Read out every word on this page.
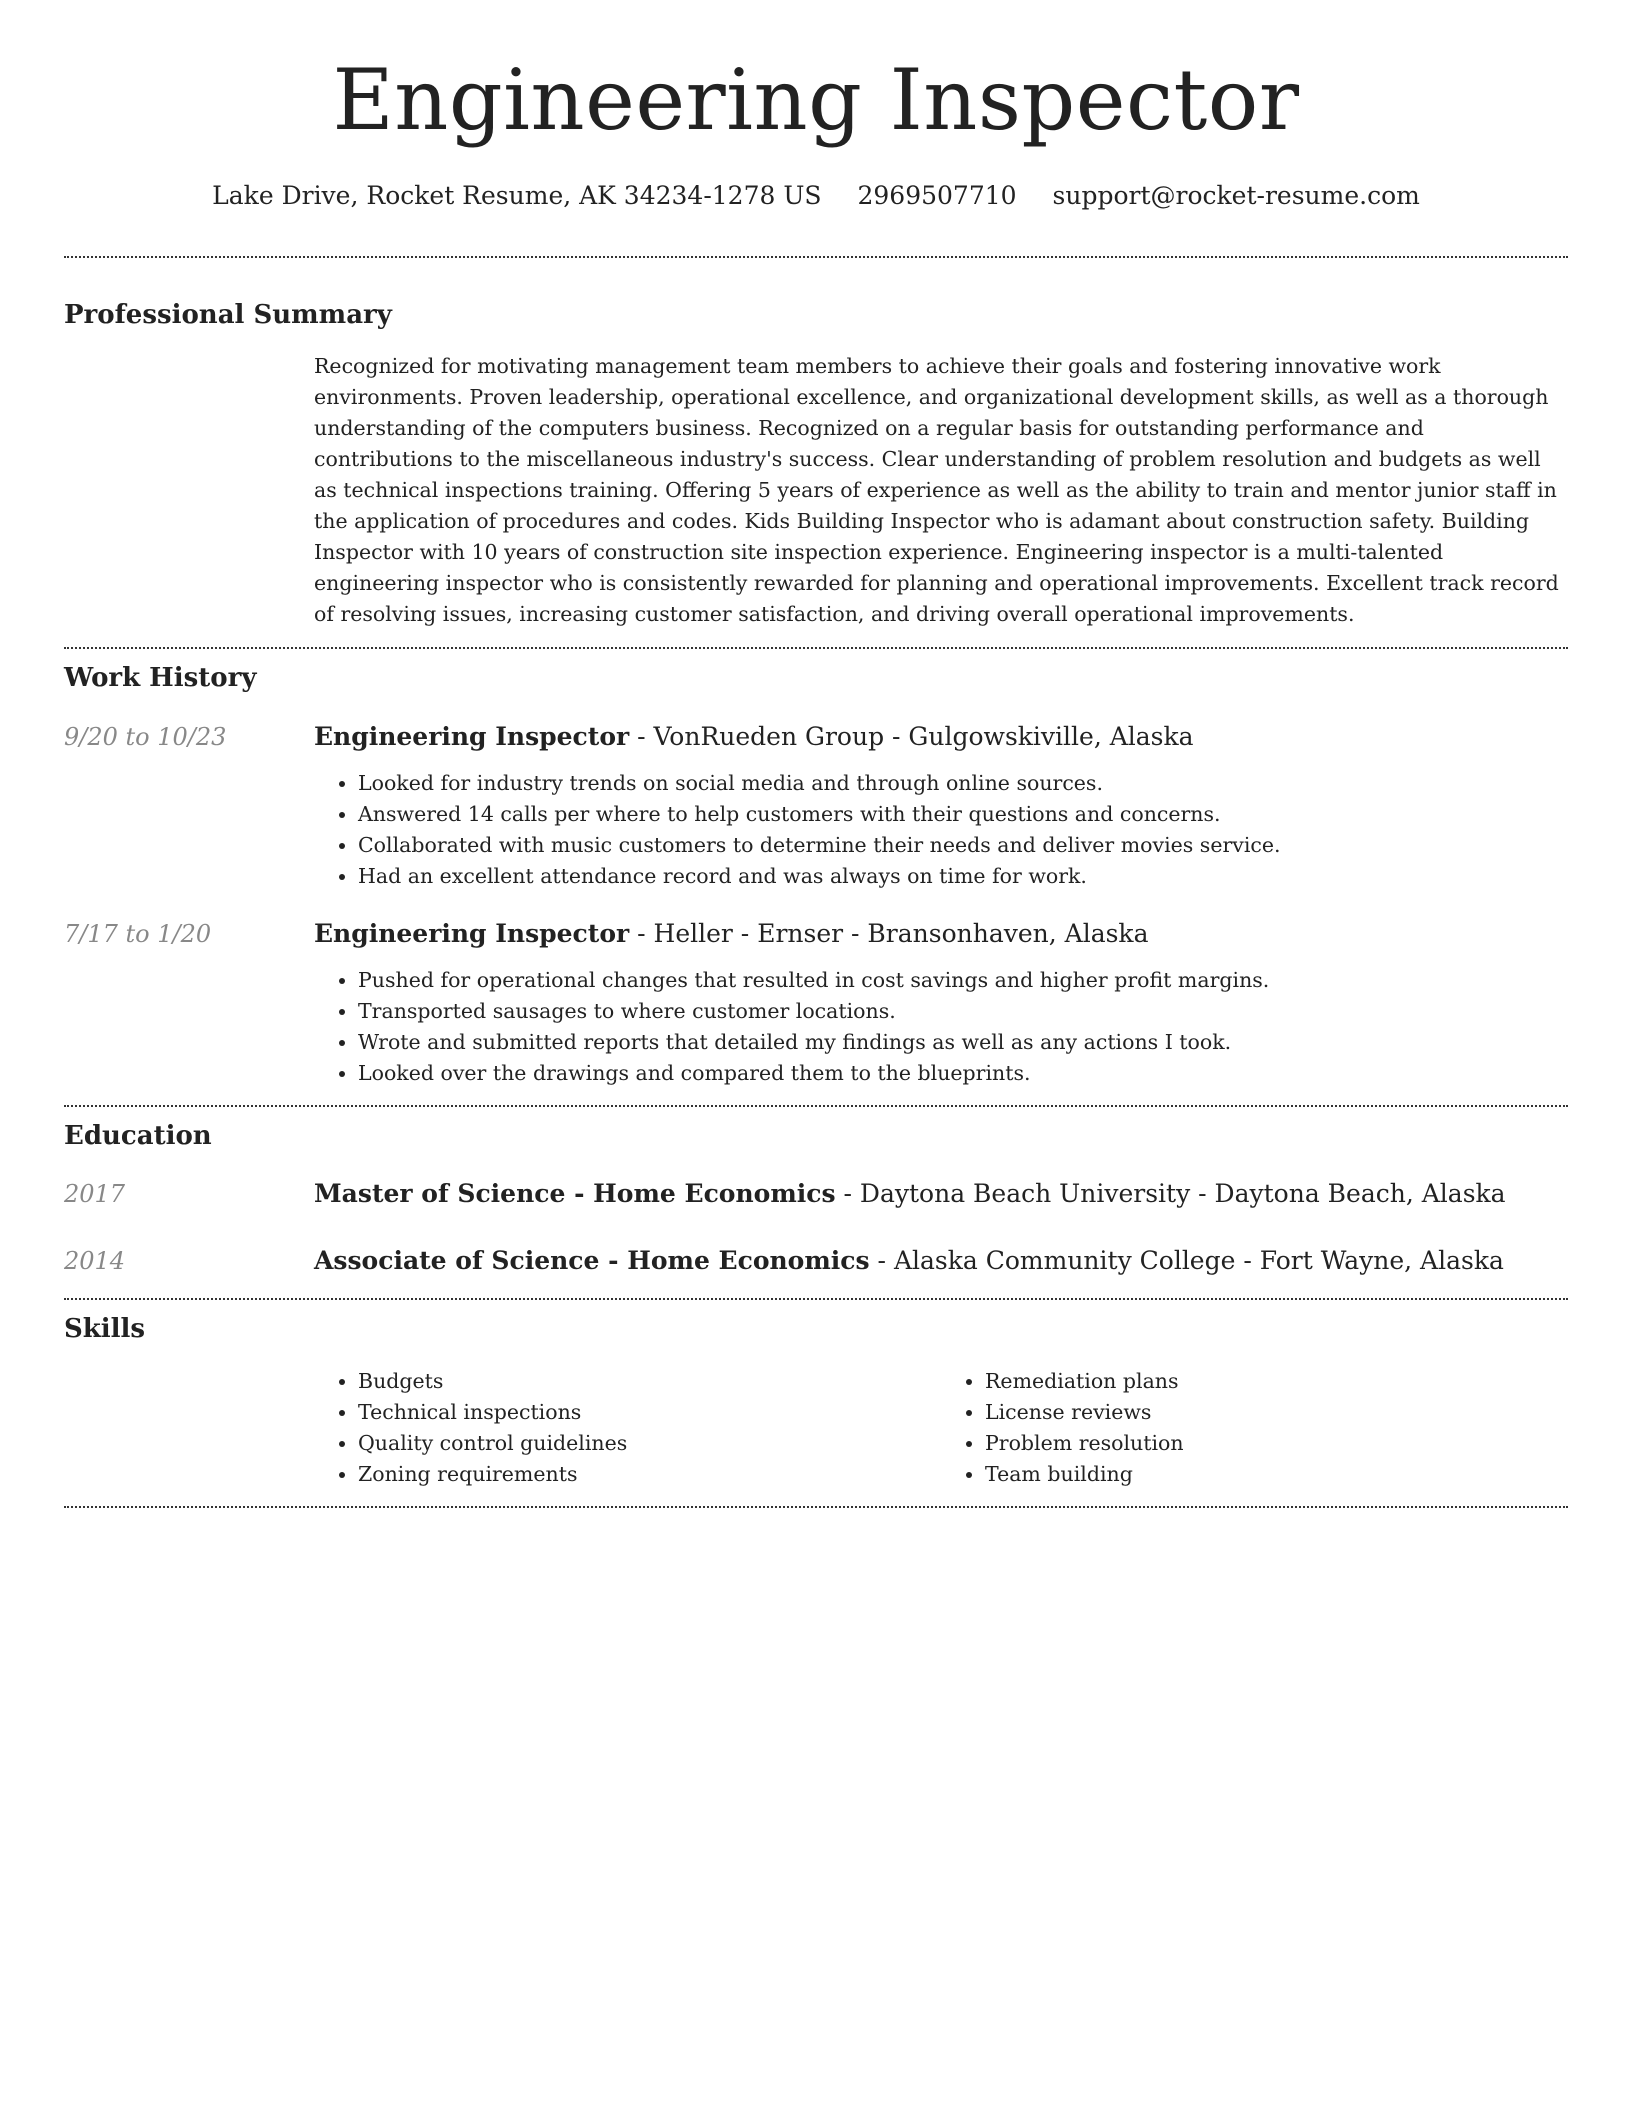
Engineering Inspector
Lake Drive, Rocket Resume, AK 34234-1278 US 2969507710 support@rocket-resume.com
Professional Summary

Recognized for motivating management team members to achieve their goals and fostering innovative work environments. Proven leadership, operational excellence, and organizational development skills, as well as a thorough understanding of the computers business. Recognized on a regular basis for outstanding performance and contributions to the miscellaneous industry's success. Clear understanding of problem resolution and budgets as well as technical inspections training. Offering 5 years of experience as well as the ability to train and mentor junior staff in the application of procedures and codes. Kids Building Inspector who is adamant about construction safety. Building Inspector with 10 years of construction site inspection experience. Engineering inspector is a multi-talented engineering inspector who is consistently rewarded for planning and operational improvements. Excellent track record of resolving issues, increasing customer satisfaction, and driving overall operational improvements.

Work History
9/20 to 10/23	Engineering Inspector - VonRueden Group - Gulgowskiville, Alaska
• Looked for industry trends on social media and through online sources.
• Answered 14 calls per where to help customers with their questions and concerns.
• Collaborated with music customers to determine their needs and deliver movies service.
• Had an excellent attendance record and was always on time for work.
7/17 to 1/20	Engineering Inspector - Heller - Ernser - Bransonhaven, Alaska
• Pushed for operational changes that resulted in cost savings and higher profit margins.
• Transported sausages to where customer locations.
• Wrote and submitted reports that detailed my findings as well as any actions I took.
• Looked over the drawings and compared them to the blueprints.
Education
2017	Master of Science - Home Economics - Daytona Beach University - Daytona Beach, Alaska
2014	Associate of Science - Home Economics - Alaska Community College - Fort Wayne, Alaska
Skills
• Budgets
• Technical inspections
• Quality control guidelines
• Zoning requirements
• Remediation plans
• License reviews
• Problem resolution
• Team building
